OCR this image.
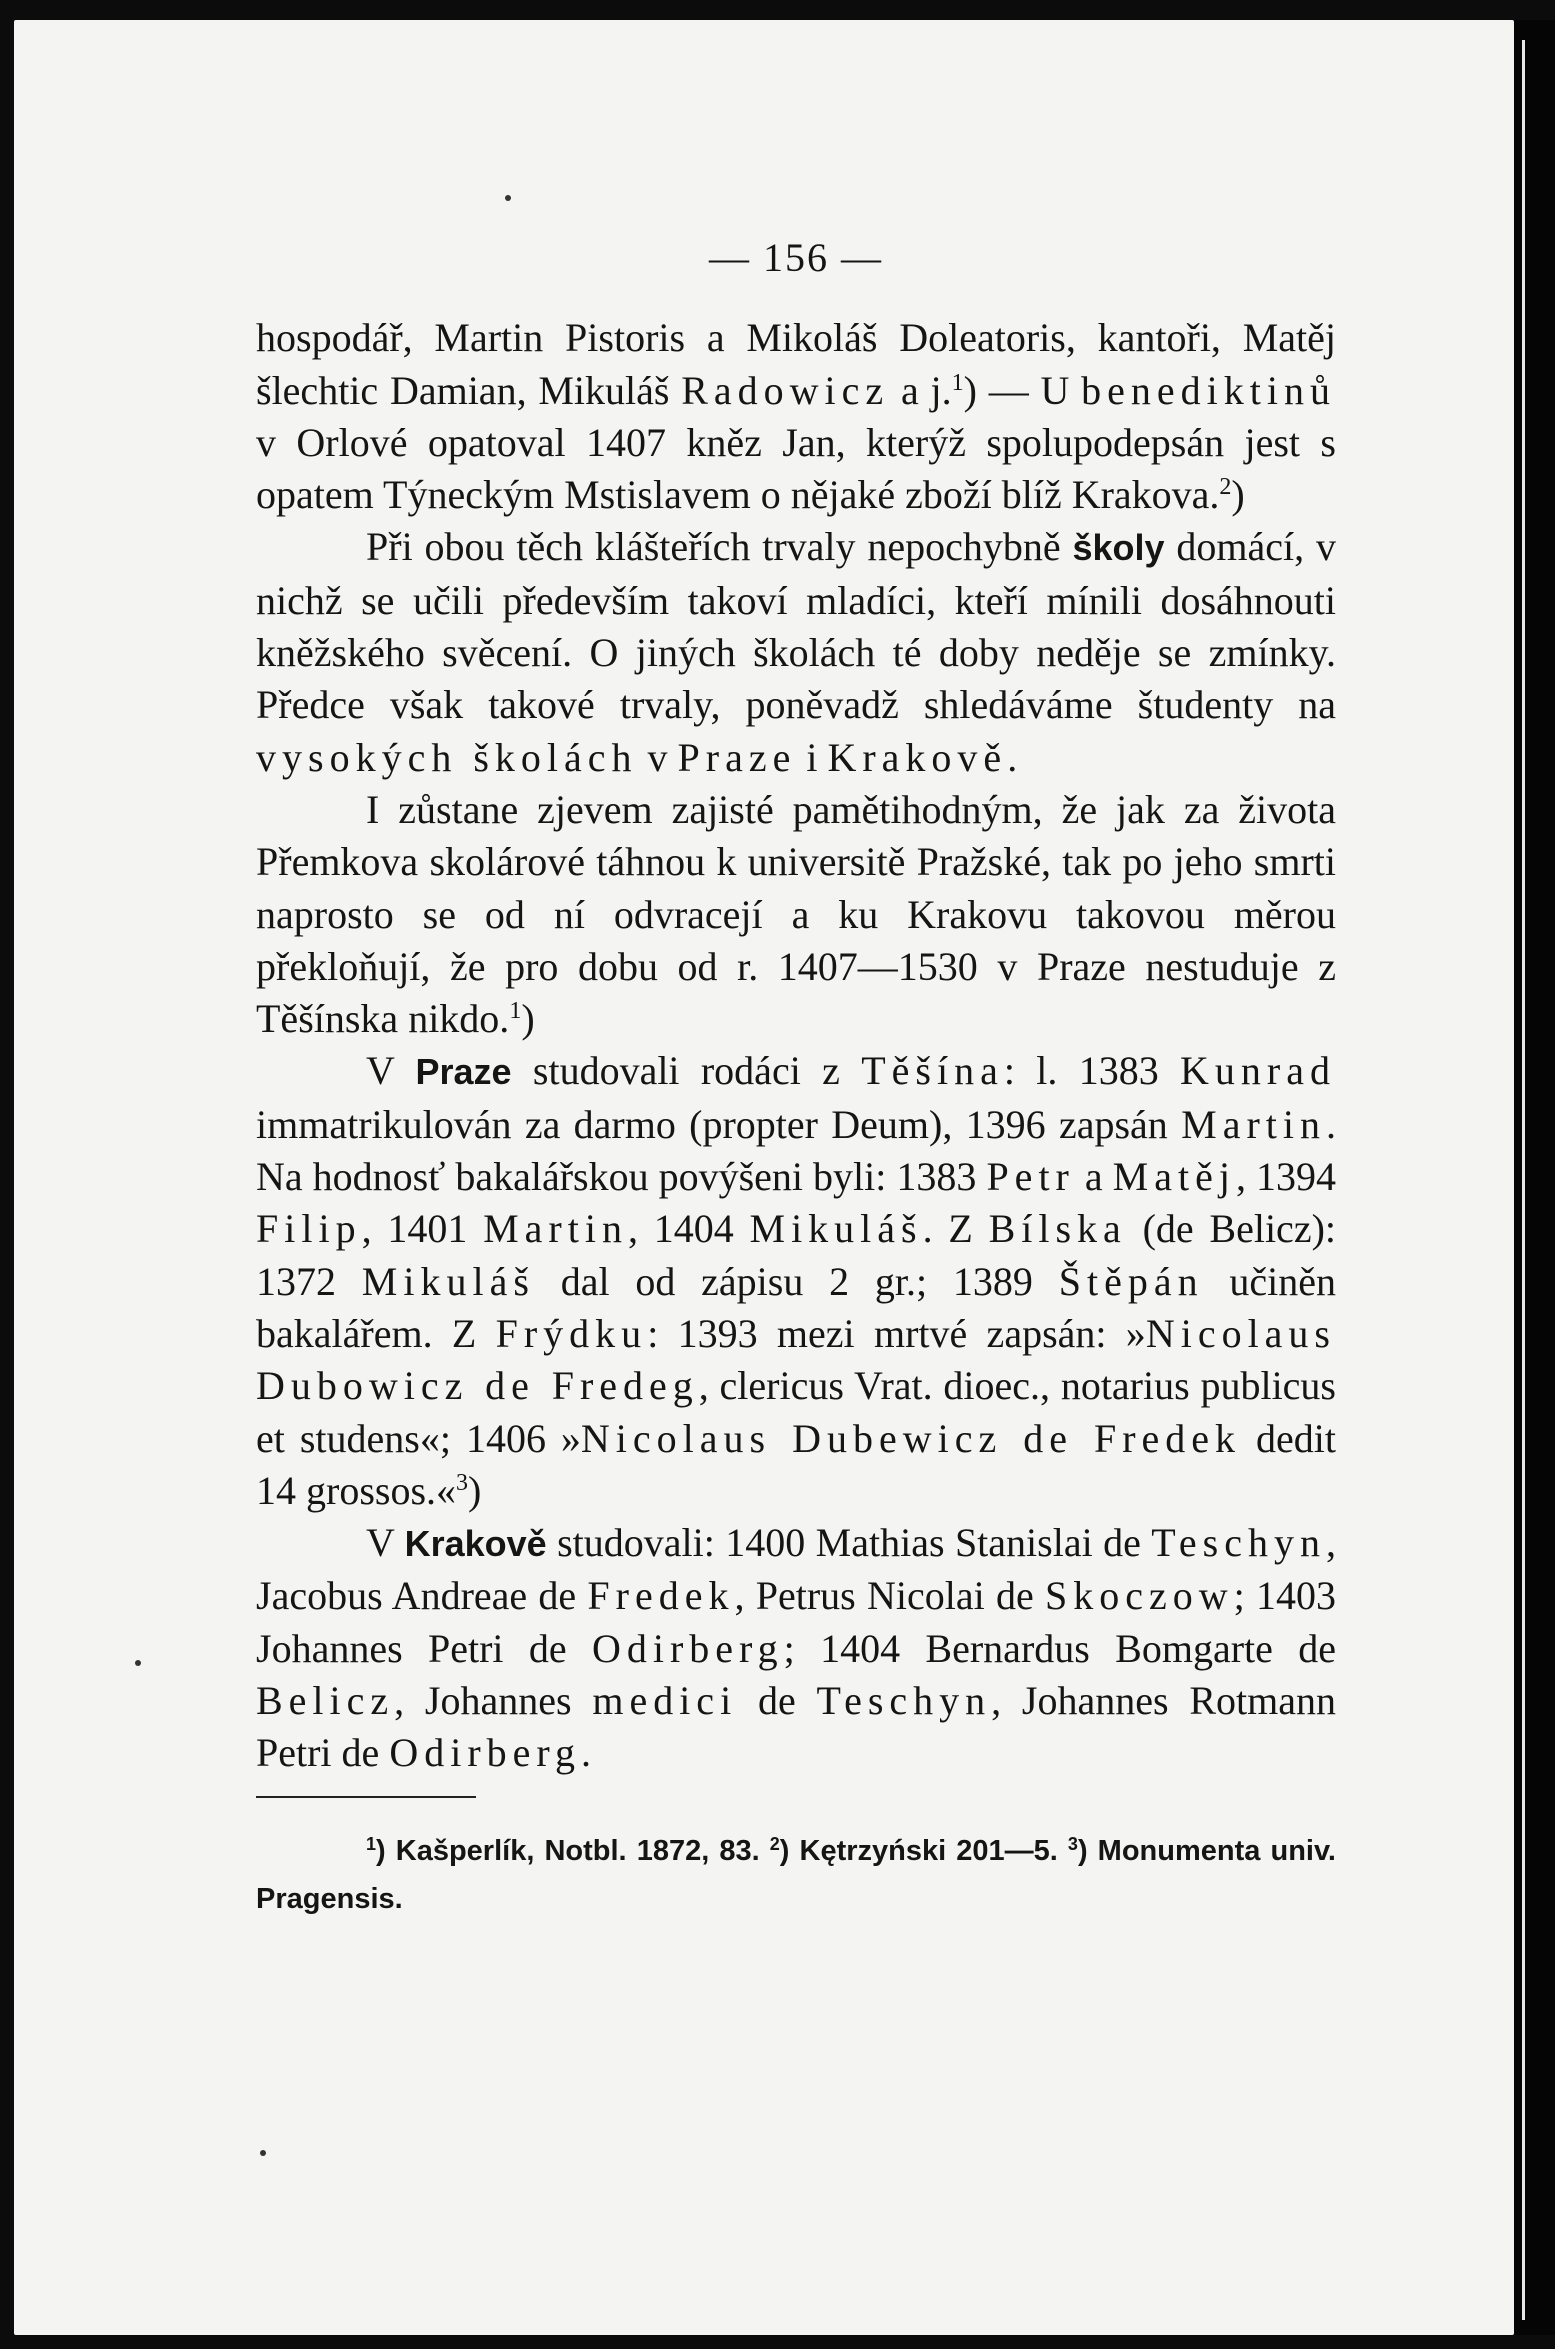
— 156 —

hospodář, Martin Pistoris a Mikoláš Doleatoris, kantoři, Matěj šlechtic Damian, Mikuláš Radowicz a j.$^1$) — U benediktinů v Orlové opatoval 1407 kněz Jan, kterýž spolupodepsán jest s opatem Týneckým Mstislavem o nějaké zboží blíž Krakova.$^2$)

Při obou těch klášteřích trvaly nepochybně školy domácí, v nichž se učili především takoví mladíci, kteří mínili dosáhnouti kněžského svěcení. O jiných školách té doby neděje se zmínky. Předce však takové trvaly, poněvadž shledáváme študenty na vysokých školách v Praze i Krakově.

I zůstane zjevem zajisté pamětihodným, že jak za života Přemkova skolárové táhnou k universitě Pražské, tak po jeho smrti naprosto se od ní odvracejí a ku Krakovu takovou měrou překloňují, že pro dobu od r. 1407—1530 v Praze nestuduje z Těšínska nikdo.$^1$)

V Praze studovali rodáci z Těšína: l. 1383 Kunrad immatrikulován za darmo (propter Deum), 1396 zapsán Martin. Na hodnosť bakalářskou povýšeni byli: 1383 Petr a Matěj, 1394 Filip, 1401 Martin, 1404 Mikuláš. Z Bílska (de Belicz): 1372 Mikuláš dal od zápisu 2 gr.; 1389 Štěpán učiněn bakalářem. Z Frýdku: 1393 mezi mrtvé zapsán: »Nicolaus Dubowicz de Fredeg, clericus Vrat. dioec., notarius publicus et studens«; 1406 »Nicolaus Dubewicz de Fredek dedit 14 grossos.«$^3$)

V Krakově studovali: 1400 Mathias Stanislai de Teschyn, Jacobus Andreae de Fredek, Petrus Nicolai de Skoczow; 1403 Johannes Petri de Odirberg; 1404 Bernardus Bomgarte de Belicz, Johannes medici de Teschyn, Johannes Rotmann Petri de Odirberg.

$^1$) Kašperlík, Notbl. 1872, 83. $^2$) Kętrzyński 201—5. $^3$) Monumenta univ. Pragensis.
